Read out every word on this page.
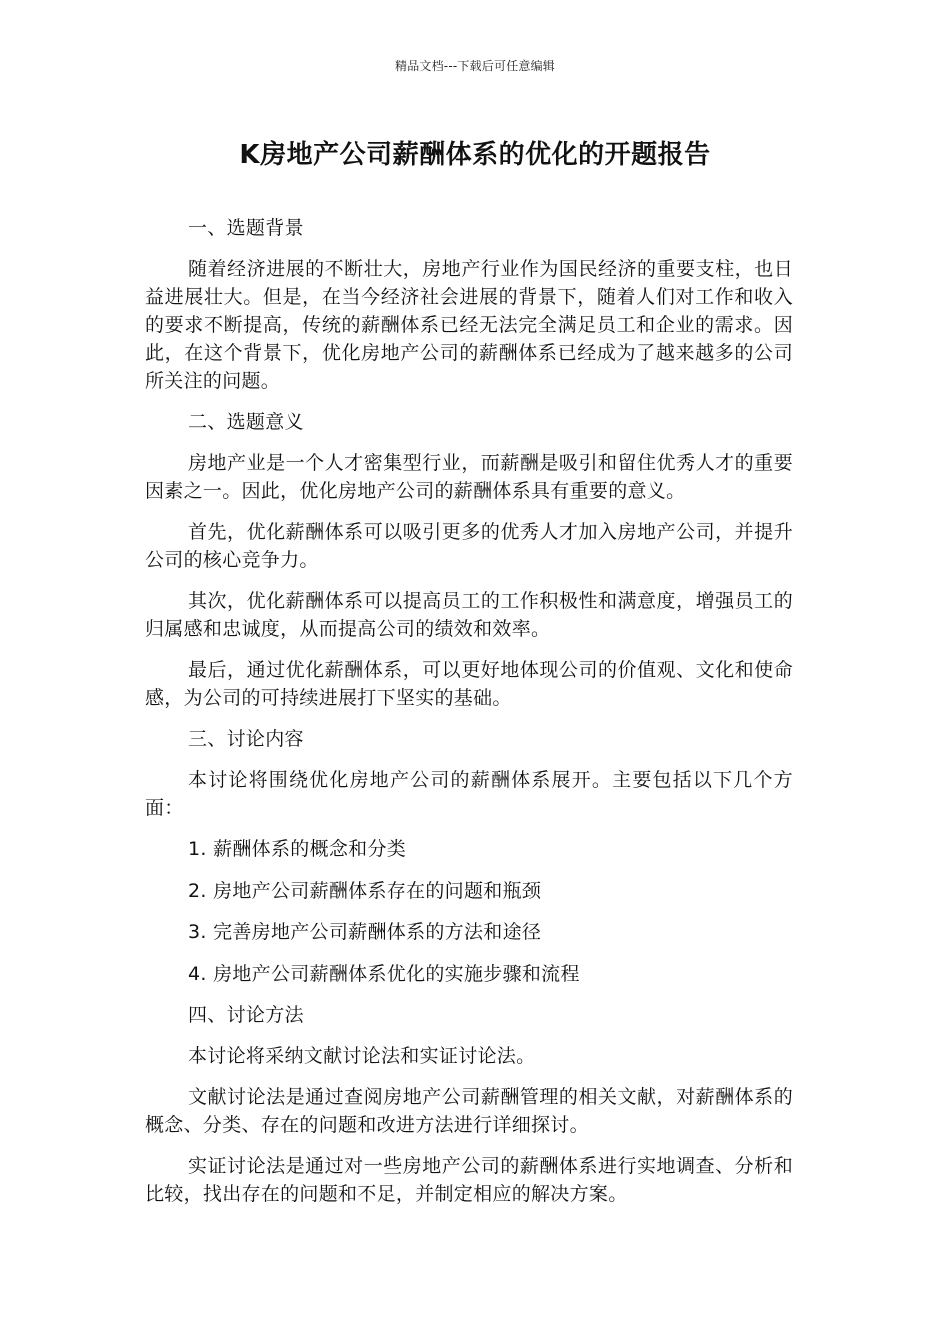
精品文档---下载后可任意编辑
K房地产公司薪酬体系的优化的开题报告

一、选题背景

随着经济进展的不断壮大，房地产行业作为国民经济的重要支柱，也日益进展壮大。但是，在当今经济社会进展的背景下，随着人们对工作和收入的要求不断提高，传统的薪酬体系已经无法完全满足员工和企业的需求。因此，在这个背景下，优化房地产公司的薪酬体系已经成为了越来越多的公司所关注的问题。

二、选题意义

房地产业是一个人才密集型行业，而薪酬是吸引和留住优秀人才的重要因素之一。因此，优化房地产公司的薪酬体系具有重要的意义。

首先，优化薪酬体系可以吸引更多的优秀人才加入房地产公司，并提升公司的核心竞争力。

其次，优化薪酬体系可以提高员工的工作积极性和满意度，增强员工的归属感和忠诚度，从而提高公司的绩效和效率。

最后，通过优化薪酬体系，可以更好地体现公司的价值观、文化和使命感，为公司的可持续进展打下坚实的基础。

三、讨论内容

本讨论将围绕优化房地产公司的薪酬体系展开。主要包括以下几个方面：

1. 薪酬体系的概念和分类

2. 房地产公司薪酬体系存在的问题和瓶颈

3. 完善房地产公司薪酬体系的方法和途径

4. 房地产公司薪酬体系优化的实施步骤和流程

四、讨论方法

本讨论将采纳文献讨论法和实证讨论法。

文献讨论法是通过查阅房地产公司薪酬管理的相关文献，对薪酬体系的概念、分类、存在的问题和改进方法进行详细探讨。

实证讨论法是通过对一些房地产公司的薪酬体系进行实地调查、分析和比较，找出存在的问题和不足，并制定相应的解决方案。
